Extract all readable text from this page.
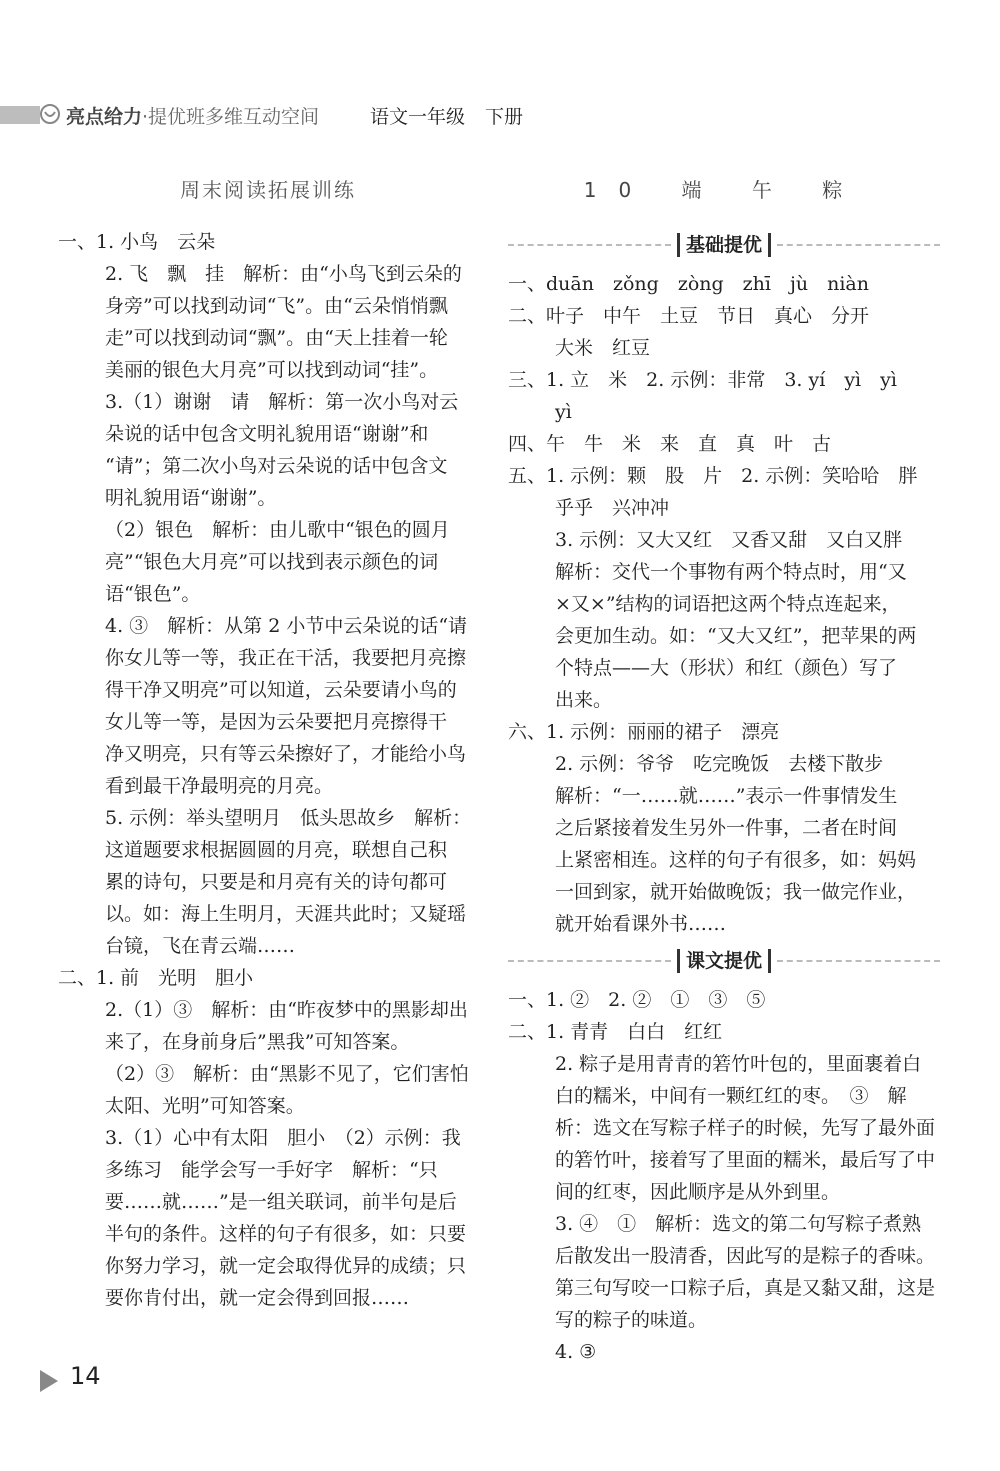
亮点给力·提优班多维互动空间	语文一年级 下册
周末阅读拓展训练
一、1. 小鸟　云朵
2. 飞　飘　挂　解析：由“小鸟飞到云朵的
身旁”可以找到动词“飞”。由“云朵悄悄飘
走”可以找到动词“飘”。由“天上挂着一轮
美丽的银色大月亮”可以找到动词“挂”。
3.（1）谢谢　请　解析：第一次小鸟对云
朵说的话中包含文明礼貌用语“谢谢”和
“请”；第二次小鸟对云朵说的话中包含文
明礼貌用语“谢谢”。
（2）银色　解析：由儿歌中“银色的圆月
亮”“银色大月亮”可以找到表示颜色的词
语“银色”。
4. ③　解析：从第 2 小节中云朵说的话“请
你女儿等一等，我正在干活，我要把月亮擦
得干净又明亮”可以知道，云朵要请小鸟的
女儿等一等，是因为云朵要把月亮擦得干
净又明亮，只有等云朵擦好了，才能给小鸟
看到最干净最明亮的月亮。
5. 示例：举头望明月　低头思故乡　解析：
这道题要求根据圆圆的月亮，联想自己积
累的诗句，只要是和月亮有关的诗句都可
以。如：海上生明月，天涯共此时；又疑瑶
台镜，飞在青云端……
二、1. 前　光明　胆小
2.（1）③　解析：由“昨夜梦中的黑影却出
来了，在身前身后”黑我”可知答案。
（2）③　解析：由“黑影不见了，它们害怕
太阳、光明”可知答案。
3.（1）心中有太阳　胆小　（2）示例：我
多练习　能学会写一手好字　解析：“只
要……就……”是一组关联词，前半句是后
半句的条件。这样的句子有很多，如：只要
你努力学习，就一定会取得优异的成绩；只
要你肯付出，就一定会得到回报……
10 端 午 粽
基础提优
一、duān　zǒng　zòng　zhī　jù　niàn
二、叶子　中午　土豆　节日　真心　分开
大米　红豆
三、1. 立　米　2. 示例：非常　3. yí　yì　yì
yì
四、午　牛　米　来　直　真　叶　古
五、1. 示例：颗　股　片　2. 示例：笑哈哈　胖
乎乎　兴冲冲
3. 示例：又大又红　又香又甜　又白又胖
解析：交代一个事物有两个特点时，用“又
×又×”结构的词语把这两个特点连起来，
会更加生动。如：“又大又红”，把苹果的两
个特点——大（形状）和红（颜色）写了
出来。
六、1. 示例：丽丽的裙子　漂亮
2. 示例：爷爷　吃完晚饭　去楼下散步
解析：“一……就……”表示一件事情发生
之后紧接着发生另外一件事，二者在时间
上紧密相连。这样的句子有很多，如：妈妈
一回到家，就开始做晚饭；我一做完作业，
就开始看课外书……
课文提优
一、1. ②　2. ②　①　③　⑤
二、1. 青青　白白　红红
2. 粽子是用青青的箬竹叶包的，里面裹着白
白的糯米，中间有一颗红红的枣。　③　解
析：选文在写粽子样子的时候，先写了最外面
的箬竹叶，接着写了里面的糯米，最后写了中
间的红枣，因此顺序是从外到里。
3. ④　①　解析：选文的第二句写粽子煮熟
后散发出一股清香，因此写的是粽子的香味。
第三句写咬一口粽子后，真是又黏又甜，这是
写的粽子的味道。
4. ③
14
